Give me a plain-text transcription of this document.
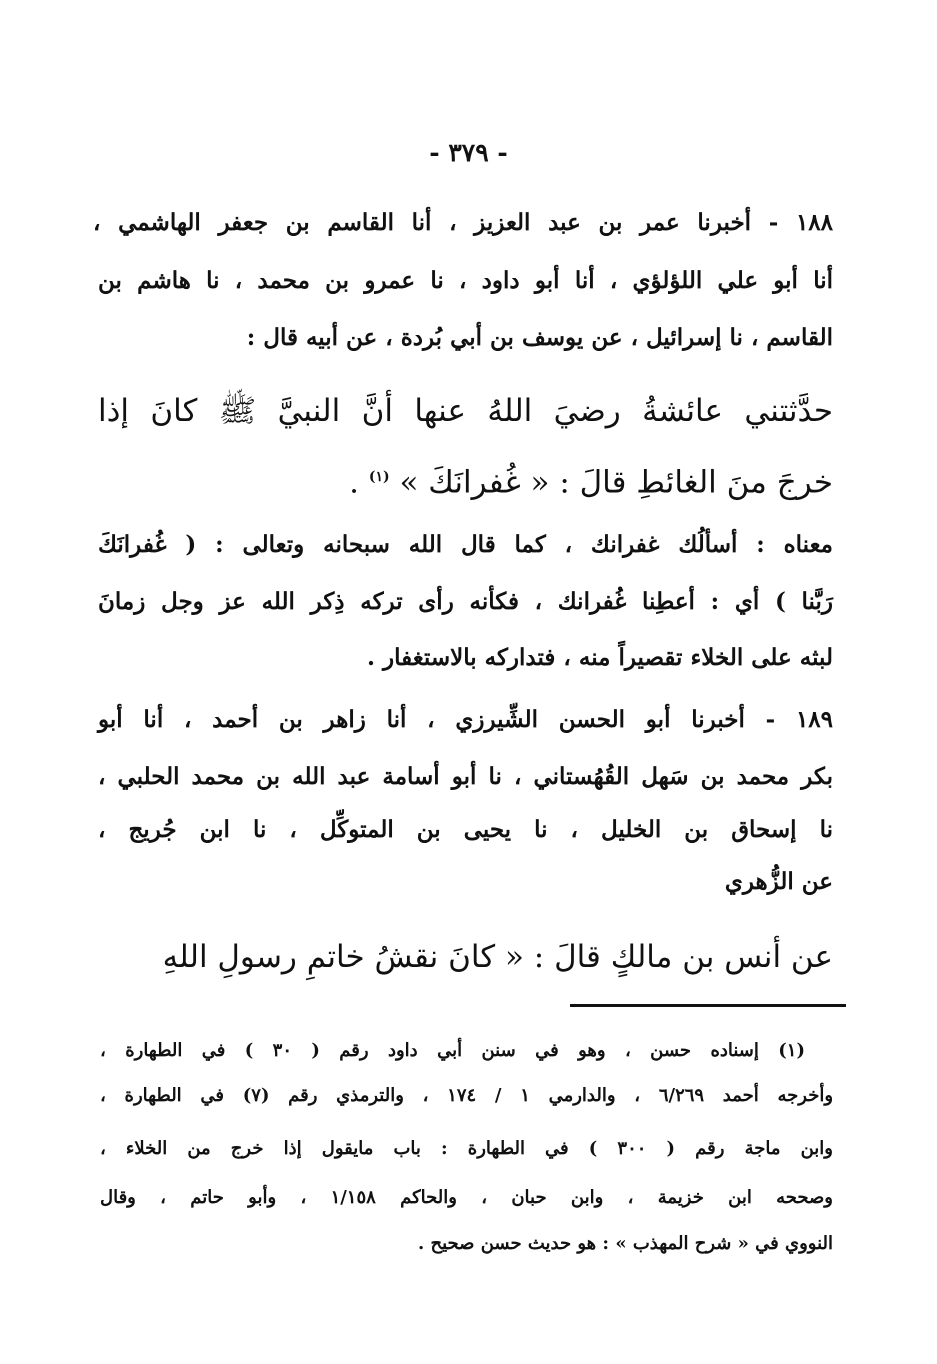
- ٣٧٩ -
١٨٨ - أخبرنا عمر بن عبد العزيز ، أنا القاسم بن جعفر الهاشمي ،
أنا أبو علي اللؤلؤي ، أنا أبو داود ، نا عمرو بن محمد ، نا هاشم بن
القاسم ، نا إسرائيل ، عن يوسف بن أبي بُردة ، عن أبيه قال :
حدَّثتني عائشةُ رضيَ اللهُ عنها أنَّ النبيَّ ﷺ كانَ إذا
خرجَ منَ الغائطِ قالَ : « غُفرانَكَ » $^{(١)}$ .
معناه : أسألُك غفرانك ، كما قال الله سبحانه وتعالى : ( غُفرانَكَ
رَبَّنا ) أي : أعطِنا غُفرانك ، فكأنه رأى تركه ذِكر الله عز وجل زمانَ
لبثه على الخلاء تقصيراً منه ، فتداركه بالاستغفار .
١٨٩ - أخبرنا أبو الحسن الشِّيرزي ، أنا زاهر بن أحمد ، أنا أبو
بكر محمد بن سَهل القُهُستاني ، نا أبو أسامة عبد الله بن محمد الحلبي ،
نا إسحاق بن الخليل ، نا يحيى بن المتوكِّل ، نا ابن جُريج ،
عن الزُّهري
عن أنس بن مالكٍ قالَ : « كانَ نقشُ خاتمِ رسولِ اللهِ
(١) إسناده حسن ، وهو في سنن أبي داود رقم ( ٣٠ ) في الطهارة ،
وأخرجه أحمد ٦/٢٦٩ ، والدارمي ١ / ١٧٤ ، والترمذي رقم (٧) في الطهارة ،
وابن ماجة رقم ( ٣٠٠ ) في الطهارة : باب مايقول إذا خرج من الخلاء ،
وصححه ابن خزيمة ، وابن حبان ، والحاكم ١/١٥٨ ، وأبو حاتم ، وقال
النووي في « شرح المهذب » : هو حديث حسن صحيح .
